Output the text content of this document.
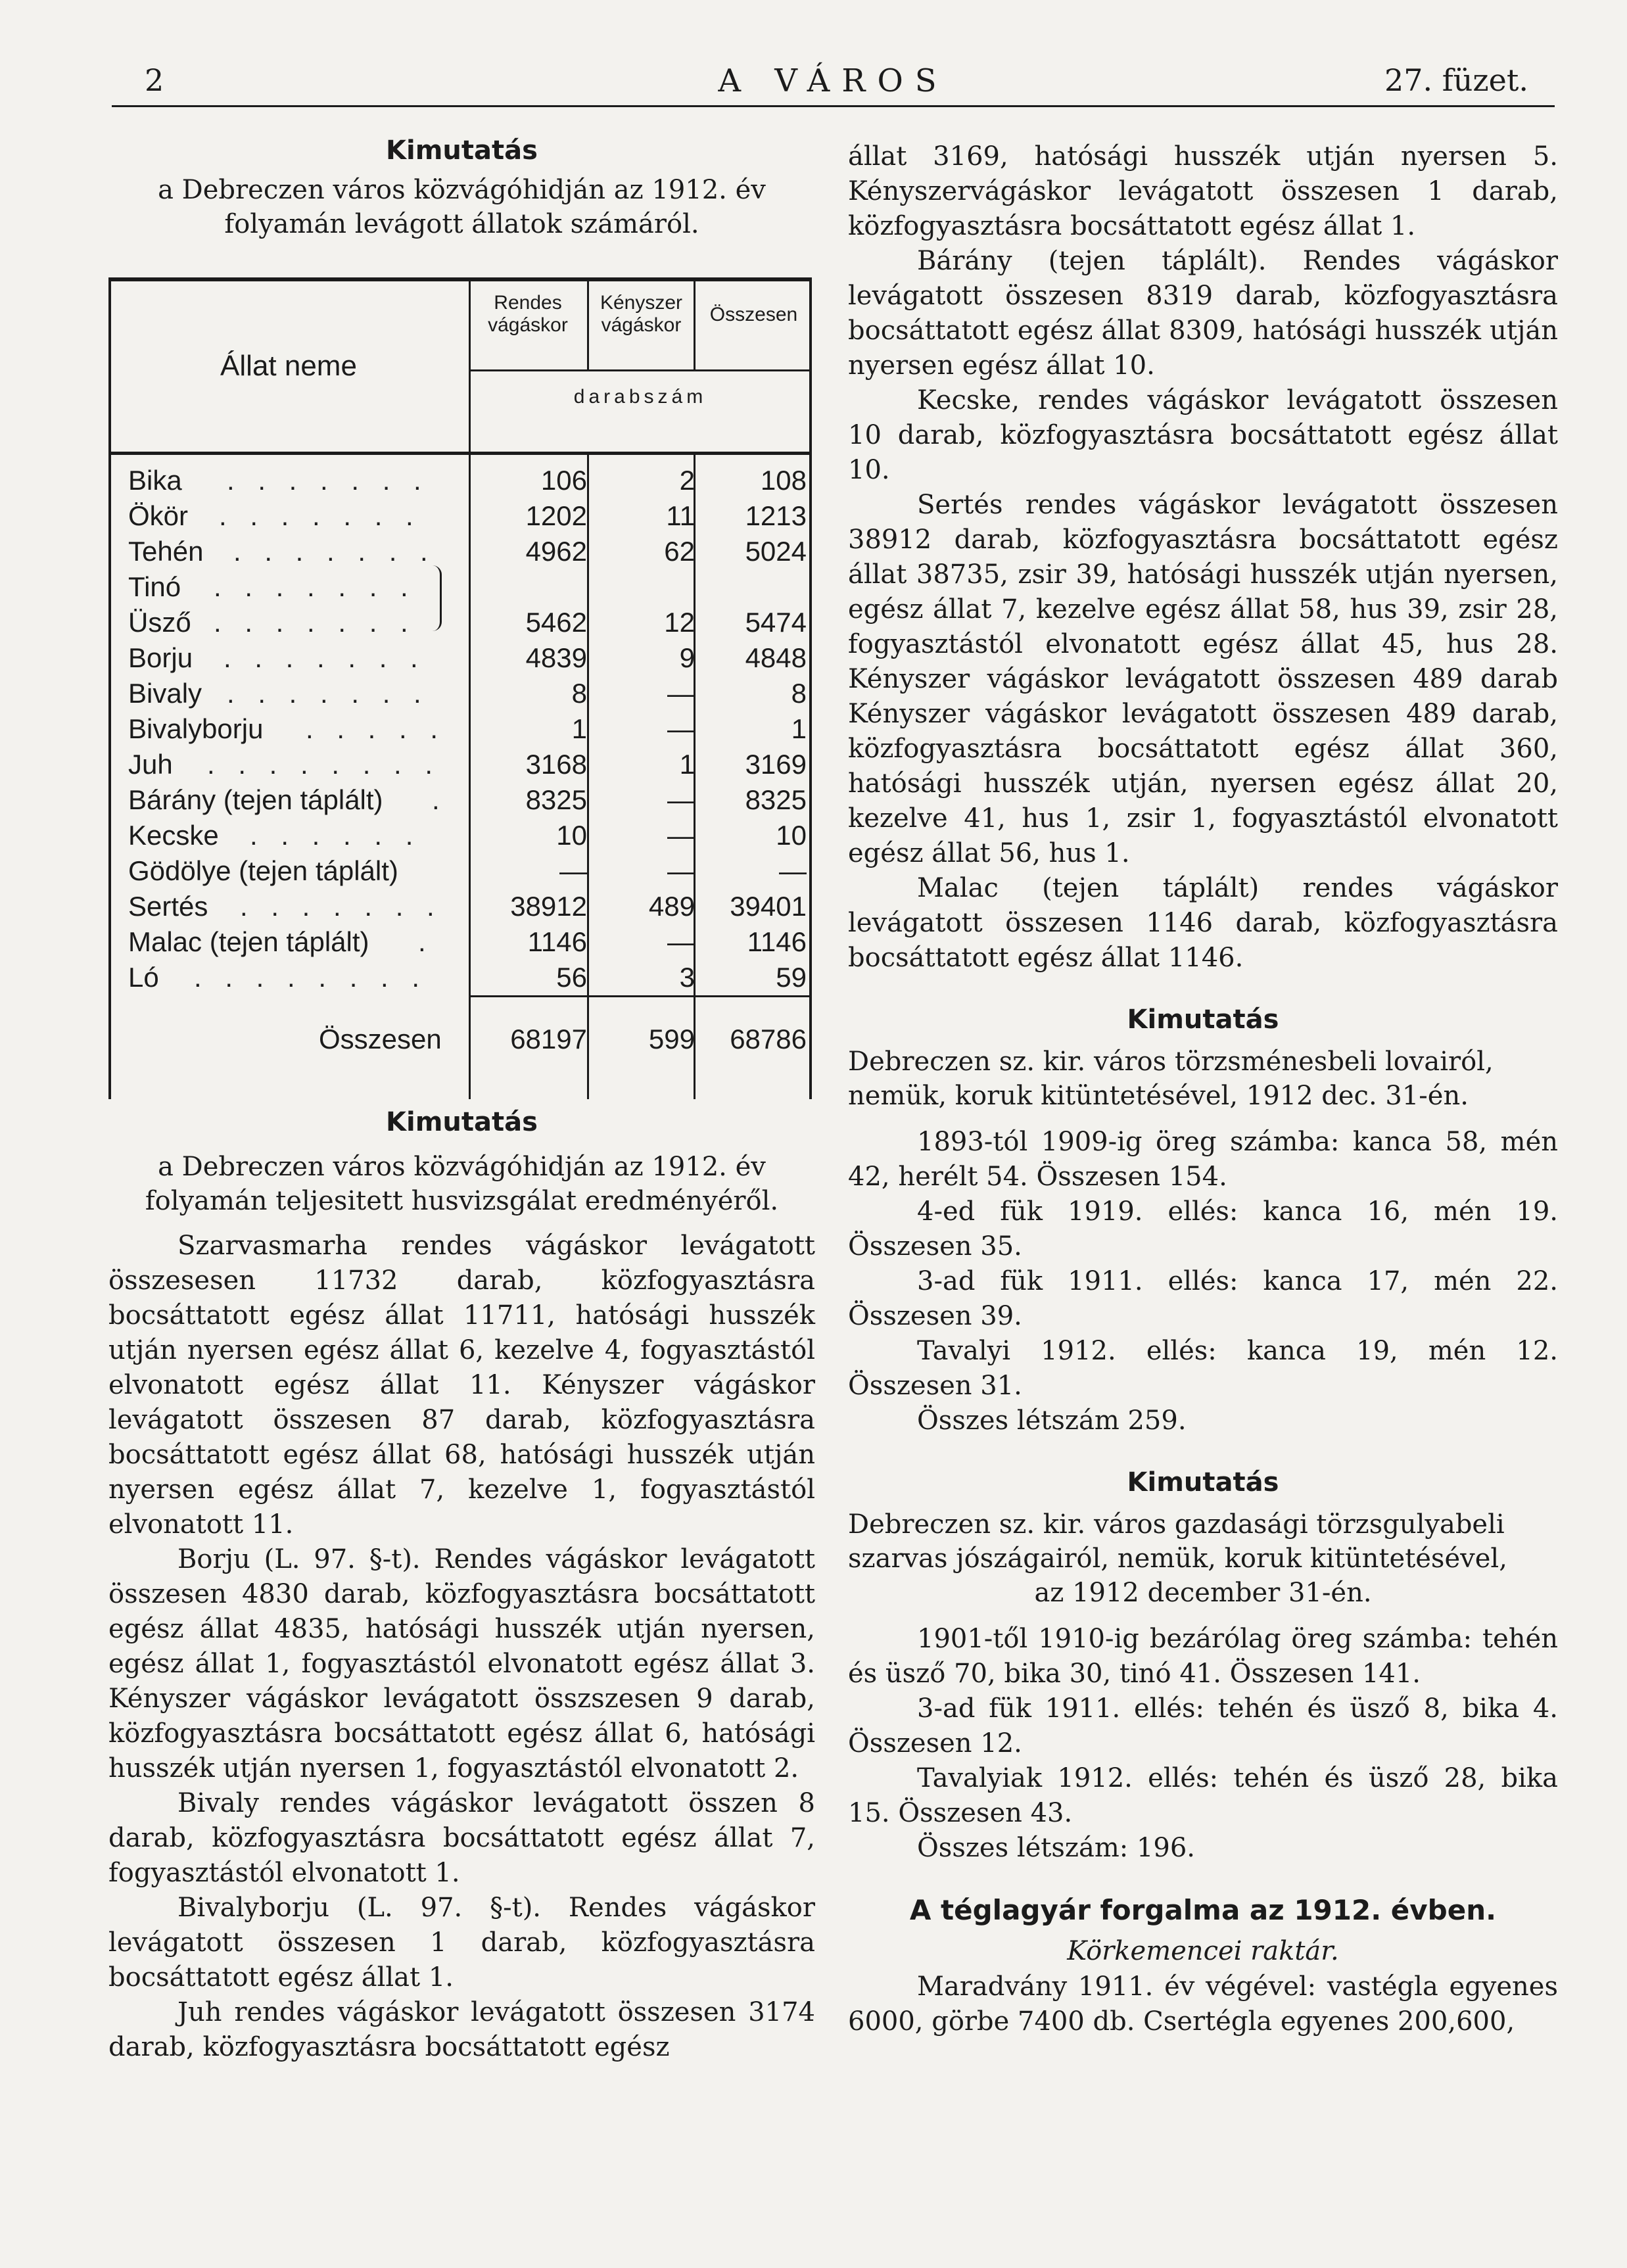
2	A VÁROS	27. füzet.

Kimutatás

a Debreczen város közvágóhidján az 1912. év

folyamán levágott állatok számáról.

Állat neme
Rendes
vágáskor
Kényszer
vágáskor	Összesen
darabszám
Bika . . . . . . .	106	2 108
Ökör . . . . . . .	1202	11 1213
Tehén . . . . . . .	4962	62 5024
Tinó . . . . . . .
Üsző . . . . . . .	5462	12 5474
Borju . . . . . . .	4839	9 4848
Bivaly . . . . . . .	8	—	8
Bivalyborju . . . . .	1	—	1
Juh . . . . . . . .	3168	1 3169
Bárány (tejen táplált) .	8325	— 8325
Kecske . . . . . .	10	—	10
Gödölye (tejen táplált)	—	—	—
Sertés . . . . . . . 38912 489 39401
Malac (tejen táplált) .	1146	— 1146
Ló . . . . . . . .	56	3	59
Összesen 68197 599 68786

Kimutatás

a Debreczen város közvágóhidján az 1912. év

folyamán teljesitett husvizsgálat eredményéről.

Szarvasmarha rendes vágáskor levágatott összesesen 11732 darab, közfogyasztásra bocsáttatott egész állat 11711, hatósági husszék utján nyersen egész állat 6, kezelve 4, fogyasztástól elvonatott egész állat 11. Kényszer vágáskor levágatott összesen 87 darab, közfogyasztásra bocsáttatott egész állat 68, hatósági husszék utján nyersen egész állat 7, kezelve 1, fogyasztástól elvonatott 11.

Borju (L. 97. §-t). Rendes vágáskor levágatott összesen 4830 darab, közfogyasztásra bocsáttatott egész állat 4835, hatósági husszék utján nyersen, egész állat 1, fogyasztástól elvonatott egész állat 3. Kényszer vágáskor levágatott összszesen 9 darab, közfogyasztásra bocsáttatott egész állat 6, hatósági husszék utján nyersen 1, fogyasztástól elvonatott 2.

Bivaly rendes vágáskor levágatott összen 8 darab, közfogyasztásra bocsáttatott egész állat 7, fogyasztástól elvonatott 1.

Bivalyborju (L. 97. §-t). Rendes vágáskor levágatott összesen 1 darab, közfogyasztásra bocsáttatott egész állat 1.

Juh rendes vágáskor levágatott összesen 3174 darab, közfogyasztásra bocsáttatott egész

állat 3169, hatósági husszék utján nyersen 5. Kényszervágáskor levágatott összesen 1 darab, közfogyasztásra bocsáttatott egész állat 1.

Bárány (tejen táplált). Rendes vágáskor levágatott összesen 8319 darab, közfogyasztásra bocsáttatott egész állat 8309, hatósági husszék utján nyersen egész állat 10.

Kecske, rendes vágáskor levágatott összesen 10 darab, közfogyasztásra bocsáttatott egész állat 10.

Sertés rendes vágáskor levágatott összesen 38912 darab, közfogyasztásra bocsáttatott egész állat 38735, zsir 39, hatósági husszék utján nyersen, egész állat 7, kezelve egész állat 58, hus 39, zsir 28, fogyasztástól elvonatott egész állat 45, hus 28. Kényszer vágáskor levágatott összesen 489 darab Kényszer vágáskor levágatott összesen 489 darab, közfogyasztásra bocsáttatott egész állat 360, hatósági husszék utján, nyersen egész állat 20, kezelve 41, hus 1, zsir 1, fogyasztástól elvonatott egész állat 56, hus 1.

Malac (tejen táplált) rendes vágáskor levágatott összesen 1146 darab, közfogyasztásra bocsáttatott egész állat 1146.

Kimutatás

Debreczen sz. kir. város törzsménesbeli lovairól, nemük, koruk kitüntetésével, 1912 dec. 31-én.

1893-tól 1909-ig öreg számba: kanca 58, mén 42, herélt 54. Összesen 154.

4-ed fük 1919. ellés: kanca 16, mén 19. Összesen 35.

3-ad fük 1911. ellés: kanca 17, mén 22. Összesen 39.

Tavalyi 1912. ellés: kanca 19, mén 12. Összesen 31.

Összes létszám 259.

Kimutatás

Debreczen sz. kir. város gazdasági törzsgulyabeli szarvas jószágairól, nemük, koruk kitüntetésével,

az 1912 december 31-én.

1901-től 1910-ig bezárólag öreg számba: tehén és üsző 70, bika 30, tinó 41. Összesen 141.

3-ad fük 1911. ellés: tehén és üsző 8, bika 4. Összesen 12.

Tavalyiak 1912. ellés: tehén és üsző 28, bika 15. Összesen 43.

Összes létszám: 196.

A téglagyár forgalma az 1912. évben.

Körkemencei raktár.

Maradvány 1911. év végével: vastégla egyenes 6000, görbe 7400 db. Csertégla egyenes 200,600,
